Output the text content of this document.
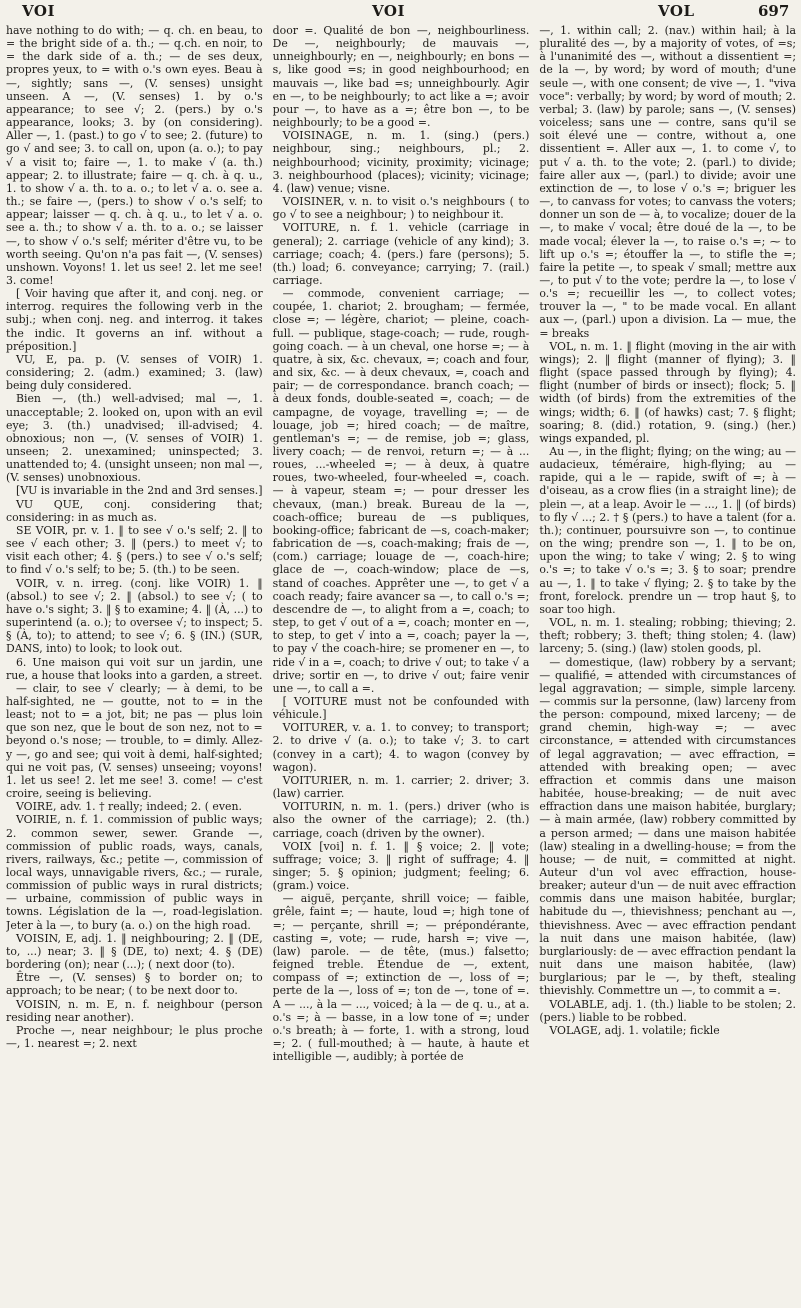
VOI	VOI	VOL	697

have nothing to do with; — q. ch. en beau, to = the bright side of a. th.; — q.ch. en noir, to = the dark side of a. th.; — de ses deux, propres yeux, to = with o.'s own eyes. Beau à —, sightly; sans —, (V. senses) unsight unseen. A —, (V. senses) 1. by o.'s appearance; to see √; 2. (pers.) by o.'s appearance, looks; 3. by (on considering). Aller —, 1. (past.) to go √ to see; 2. (future) to go √ and see; 3. to call on, upon (a. o.); to pay √ a visit to; faire —, 1. to make √ (a. th.) appear; 2. to illustrate; faire — q. ch. à q. u., 1. to show √ a. th. to a. o.; to let √ a. o. see a. th.; se faire —, (pers.) to show √ o.'s self; to appear; laisser — q. ch. à q. u., to let √ a. o. see a. th.; to show √ a. th. to a. o.; se laisser —, to show √ o.'s self; mériter d'être vu, to be worth seeing. Qu'on n'a pas fait —, (V. senses) unshown. Voyons! 1. let us see! 2. let me see! 3. come!

[ Voir having que after it, and conj. neg. or interrog. requires the following verb in the subj.; when conj. neg. and interrog. it takes the indic. It governs an inf. without a préposition.]

VU, E, pa. p. (V. senses of VOIR) 1. considering; 2. (adm.) examined; 3. (law) being duly considered.

Bien —, (th.) well-advised; mal —, 1. unacceptable; 2. looked on, upon with an evil eye; 3. (th.) unadvised; ill-advised; 4. obnoxious; non —, (V. senses of VOIR) 1. unseen; 2. unexamined; uninspected; 3. unattended to; 4. (unsight unseen; non mal —, (V. senses) unobnoxious.

[VU is invariable in the 2nd and 3rd senses.]

VU QUE, conj. considering that; considering: in as much as.

SE VOIR, pr. v. 1. ‖ to see √ o.'s self; 2. ‖ to see √ each other; 3. ‖ (pers.) to meet √; to visit each other; 4. § (pers.) to see √ o.'s self; to find √ o.'s self; to be; 5. (th.) to be seen.

VOIR, v. n. irreg. (conj. like VOIR) 1. ‖ (absol.) to see √; 2. ‖ (absol.) to see √; ( to have o.'s sight; 3. ‖ § to examine; 4. ‖ (À, ...) to superintend (a. o.); to oversee √; to inspect; 5. § (À, to); to attend; to see √; 6. § (IN.) (SUR, DANS, into) to look; to look out.

6. Une maison qui voit sur un jardin, une rue, a house that looks into a garden, a street.

— clair, to see √ clearly; — à demi, to be half-sighted, ne — goutte, not to = in the least; not to = a jot, bit; ne pas — plus loin que son nez, que le bout de son nez, not to = beyond o.'s nose; — trouble, to = dimly. Allez-y —, go and see; qui voit à demi, half-sighted; qui ne voit pas, (V. senses) unseeing; voyons! 1. let us see! 2. let me see! 3. come! — c'est croire, seeing is believing.

VOIRE, adv. 1. † really; indeed; 2. ( even.

VOIRIE, n. f. 1. commission of public ways; 2. common sewer, sewer. Grande —, commission of public roads, ways, canals, rivers, railways, &c.; petite —, commission of local ways, unnavigable rivers, &c.; — rurale, commission of public ways in rural districts; — urbaine, commission of public ways in towns. Législation de la —, road-legislation. Jeter à la —, to bury (a. o.) on the high road.

VOISIN, E, adj. 1. ‖ neighbouring; 2. ‖ (DE, to, ...) near; 3. ‖ § (DE, to) next; 4. § (DE) bordering (on); near (...); ( next door (to).

Être —, (V. senses) § to border on; to approach; to be near; ( to be next door to.

VOISIN, n. m. E, n. f. neighbour (person residing near another).

Proche —, near neighbour; le plus proche —, 1. nearest =; 2. next

door =. Qualité de bon —, neighbourliness. De —, neighbourly; de mauvais —, unneighbourly; en —, neighbourly; en bons —s, like good =s; in good neighbourhood; en mauvais —, like bad =s; unneighbourly. Agir en —, to be neighbourly; to act like a =; avoir pour —, to have as a =; être bon —, to be neighbourly; to be a good =.

VOISINAGE, n. m. 1. (sing.) (pers.) neighbour, sing.; neighbours, pl.; 2. neighbourhood; vicinity, proximity; vicinage; 3. neighbourhood (places); vicinity; vicinage; 4. (law) venue; visne.

VOISINER, v. n. to visit o.'s neighbours ( to go √ to see a neighbour; ) to neighbour it.

VOITURE, n. f. 1. vehicle (carriage in general); 2. carriage (vehicle of any kind); 3. carriage; coach; 4. (pers.) fare (persons); 5. (th.) load; 6. conveyance; carrying; 7. (rail.) carriage.

— commode, convenient carriage; — coupée, 1. chariot; 2. brougham; — fermée, close =; — légère, chariot; — pleine, coach-full. — publique, stage-coach; — rude, rough-going coach. — à un cheval, one horse =; — à quatre, à six, &c. chevaux, =; coach and four, and six, &c. — à deux chevaux, =, coach and pair; — de correspondance. branch coach; — à deux fonds, double-seated =, coach; — de campagne, de voyage, travelling =; — de louage, job =; hired coach; — de maître, gentleman's =; — de remise, job =; glass, livery coach; — de renvoi, return =; — à ... roues, ...-wheeled =; — à deux, à quatre roues, two-wheeled, four-wheeled =, coach. — à vapeur, steam =; — pour dresser les chevaux, (man.) break. Bureau de la —, coach-office; bureau de —s publiques, booking-office; fabricant de —s, coach-maker; fabrication de —s, coach-making; frais de —, (com.) carriage; louage de —, coach-hire; glace de —, coach-window; place de —s, stand of coaches. Apprêter une —, to get √ a coach ready; faire avancer sa —, to call o.'s =; descendre de —, to alight from a =, coach; to step, to get √ out of a =, coach; monter en —, to step, to get √ into a =, coach; payer la —, to pay √ the coach-hire; se promener en —, to ride √ in a =, coach; to drive √ out; to take √ a drive; sortir en —, to drive √ out; faire venir une —, to call a =.

[ VOITURE must not be confounded with véhicule.]

VOITURER, v. a. 1. to convey; to transport; 2. to drive √ (a. o.); to take √; 3. to cart (convey in a cart); 4. to wagon (convey by wagon).

VOITURIER, n. m. 1. carrier; 2. driver; 3. (law) carrier.

VOITURIN, n. m. 1. (pers.) driver (who is also the owner of the carriage); 2. (th.) carriage, coach (driven by the owner).

VOIX [voi] n. f. 1. ‖ § voice; 2. ‖ vote; suffrage; voice; 3. ‖ right of suffrage; 4. ‖ singer; 5. § opinion; judgment; feeling; 6. (gram.) voice.

— aiguë, perçante, shrill voice; — faible, grêle, faint =; — haute, loud =; high tone of =; — perçante, shrill =; — prépondérante, casting =, vote; — rude, harsh =; vive —, (law) parole. — de tête, (mus.) falsetto; feigned treble. Étendue de —, extent, compass of =; extinction de —, loss of =; perte de la —, loss of =; ton de —, tone of =. A — ..., à la — ..., voiced; à la — de q. u., at a. o.'s =; à — basse, in a low tone of =; under o.'s breath; à — forte, 1. with a strong, loud =; 2. ( full-mouthed; à — haute, à haute et intelligible —, audibly; à portée de

—, 1. within call; 2. (nav.) within hail; à la pluralité des —, by a majority of votes, of =s; à l'unanimité des —, without a dissentient =; de la —, by word; by word of mouth; d'une seule —, with one consent; de vive —, 1. "viva voce": verbally; by word; by word of mouth; 2. verbal; 3. (law) by parole; sans —, (V. senses) voiceless; sans une — contre, sans qu'il se soit élevé une — contre, without a, one dissentient =. Aller aux —, 1. to come √, to put √ a. th. to the vote; 2. (parl.) to divide; faire aller aux —, (parl.) to divide; avoir une extinction de —, to lose √ o.'s =; briguer les —, to canvass for votes; to canvass the voters; donner un son de — à, to vocalize; douer de la —, to make √ vocal; être doué de la —, to be made vocal; élever la —, to raise o.'s =; ⁓ to lift up o.'s =; étouffer la —, to stifle the =; faire la petite —, to speak √ small; mettre aux —, to put √ to the vote; perdre la —, to lose √ o.'s =; recueillir les —, to collect votes; trouver la —, " to be made vocal. En allant aux —, (parl.) upon a division. La — mue, the = breaks

VOL, n. m. 1. ‖ flight (moving in the air with wings); 2. ‖ flight (manner of flying); 3. ‖ flight (space passed through by flying); 4. flight (number of birds or insect); flock; 5. ‖ width (of birds) from the extremities of the wings; width; 6. ‖ (of hawks) cast; 7. § flight; soaring; 8. (did.) rotation, 9. (sing.) (her.) wings expanded, pl.

Au —, in the flight; flying; on the wing; au — audacieux, téméraire, high-flying; au — rapide, qui a le — rapide, swift of =; à — d'oiseau, as a crow flies (in a straight line); de plein —, at a leap. Avoir le — ..., 1. ‖ (of birds) to fly √ ...; 2. † § (pers.) to have a talent (for a. th.); continuer, poursuivre son —, to continue on the wing; prendre son —, 1. ‖ to be on, upon the wing; to take √ wing; 2. § to wing o.'s =; to take √ o.'s =; 3. § to soar; prendre au —, 1. ‖ to take √ flying; 2. § to take by the front, forelock. prendre un — trop haut §, to soar too high.

VOL, n. m. 1. stealing; robbing; thieving; 2. theft; robbery; 3. theft; thing stolen; 4. (law) larceny; 5. (sing.) (law) stolen goods, pl.

— domestique, (law) robbery by a servant; — qualifié, = attended with circumstances of legal aggravation; — simple, simple larceny. — commis sur la personne, (law) larceny from the person: compound, mixed larceny; — de grand chemin, high-way =; — avec circonstance, = attended with circumstances of legal aggravation; — avec effraction, = attended with breaking open; — avec effraction et commis dans une maison habitée, house-breaking; — de nuit avec effraction dans une maison habitée, burglary; — à main armée, (law) robbery committed by a person armed; — dans une maison habitée (law) stealing in a dwelling-house; = from the house; — de nuit, = committed at night. Auteur d'un vol avec effraction, house-breaker; auteur d'un — de nuit avec effraction commis dans une maison habitée, burglar; habitude du —, thievishness; penchant au —, thievishness. Avec — avec effraction pendant la nuit dans une maison habitée, (law) burglariously: de — avec effraction pendant la nuit dans une maison habitée, (law) burglarious; par le —, by theft, stealing thievishly. Commettre un —, to commit a =.

VOLABLE, adj. 1. (th.) liable to be stolen; 2. (pers.) liable to be robbed.

VOLAGE, adj. 1. volatile; fickle
